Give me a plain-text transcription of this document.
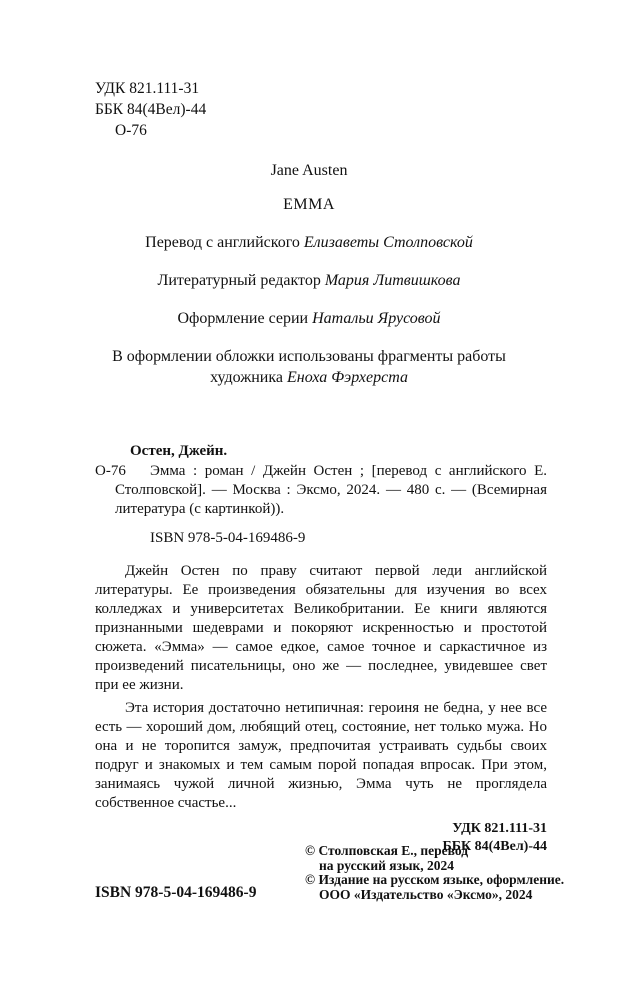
УДК 821.111-31
ББК 84(4Вел)-44
О-76
Jane Austen
EMMA
Перевод с английского Елизаветы Столповской
Литературный редактор Мария Литвишкова
Оформление серии Натальи Ярусовой
В оформлении обложки использованы фрагменты работы
художника Еноха Фэрхерста
Остен, Джейн.
О-76 Эмма : роман / Джейн Остен ; [перевод с английского Е. Столповской]. — Москва : Эксмо, 2024. — 480 с. — (Всемирная литература (с картинкой)).
ISBN 978-5-04-169486-9

Джейн Остен по праву считают первой леди английской литературы. Ее произведения обязательны для изучения во всех колледжах и университетах Великобритании. Ее книги являются признанными шедеврами и покоряют искренностью и простотой сюжета. «Эмма» — самое едкое, самое точное и саркастичное из произведений писательницы, оно же — последнее, увидевшее свет при ее жизни.

Эта история достаточно нетипичная: героиня не бедна, у нее все есть — хороший дом, любящий отец, состояние, нет только мужа. Но она и не торопится замуж, предпочитая устраивать судьбы своих подруг и знакомых и тем самым порой попадая впросак. При этом, занимаясь чужой личной жизнью, Эмма чуть не проглядела собственное счастье...

УДК 821.111-31
ББК 84(4Вел)-44
© Столповская Е., перевод
на русский язык, 2024
© Издание на русском языке, оформление.
ООО «Издательство «Эксмо», 2024
ISBN 978-5-04-169486-9
